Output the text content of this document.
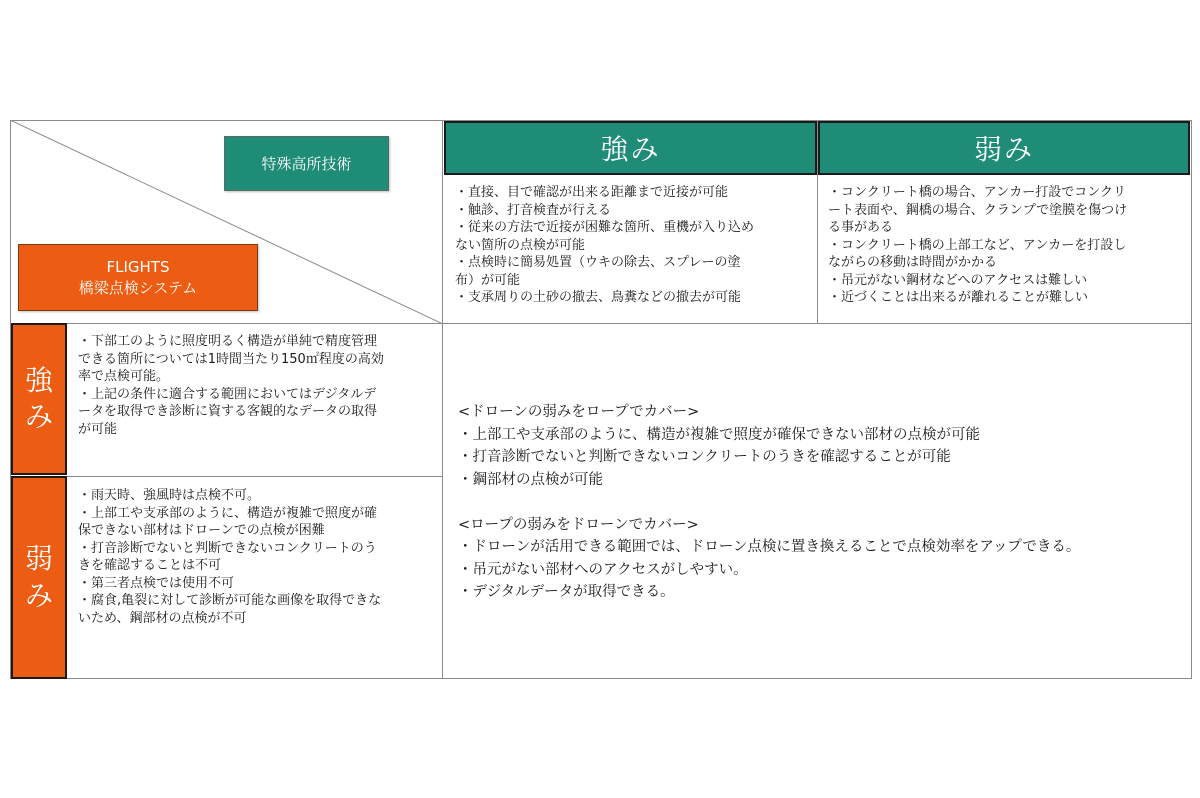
特殊高所技術
FLIGHTS
橋梁点検システム
強み	弱み
強
み
弱
み
・直接、目で確認が出来る距離まで近接が可能
・触診、打音検査が行える
・従来の方法で近接が困難な箇所、重機が入り込め
ない箇所の点検が可能
・点検時に簡易処置（ウキの除去、スプレーの塗
布）が可能
・支承周りの土砂の撤去、鳥糞などの撤去が可能
・コンクリート橋の場合、アンカー打設でコンクリ
ート表面や、鋼橋の場合、クランプで塗膜を傷つけ
る事がある
・コンクリート橋の上部工など、アンカーを打設し
ながらの移動は時間がかかる
・吊元がない鋼材などへのアクセスは難しい
・近づくことは出来るが離れることが難しい
・下部工のように照度明るく構造が単純で精度管理
できる箇所については1時間当たり150㎡程度の高効
率で点検可能。
・上記の条件に適合する範囲においてはデジタルデ
ータを取得でき診断に資する客観的なデータの取得
が可能
・雨天時、強風時は点検不可。
・上部工や支承部のように、構造が複雑で照度が確
保できない部材はドローンでの点検が困難
・打音診断でないと判断できないコンクリートのう
きを確認することは不可
・第三者点検では使用不可
・腐食,亀裂に対して診断が可能な画像を取得できな
いため、鋼部材の点検が不可
<ドローンの弱みをロープでカバー>
・上部工や支承部のように、構造が複雑で照度が確保できない部材の点検が可能
・打音診断でないと判断できないコンクリートのうきを確認することが可能
・鋼部材の点検が可能

<ロープの弱みをドローンでカバー>
・ドローンが活用できる範囲では、ドローン点検に置き換えることで点検効率をアップできる。
・吊元がない部材へのアクセスがしやすい。
・デジタルデータが取得できる。
